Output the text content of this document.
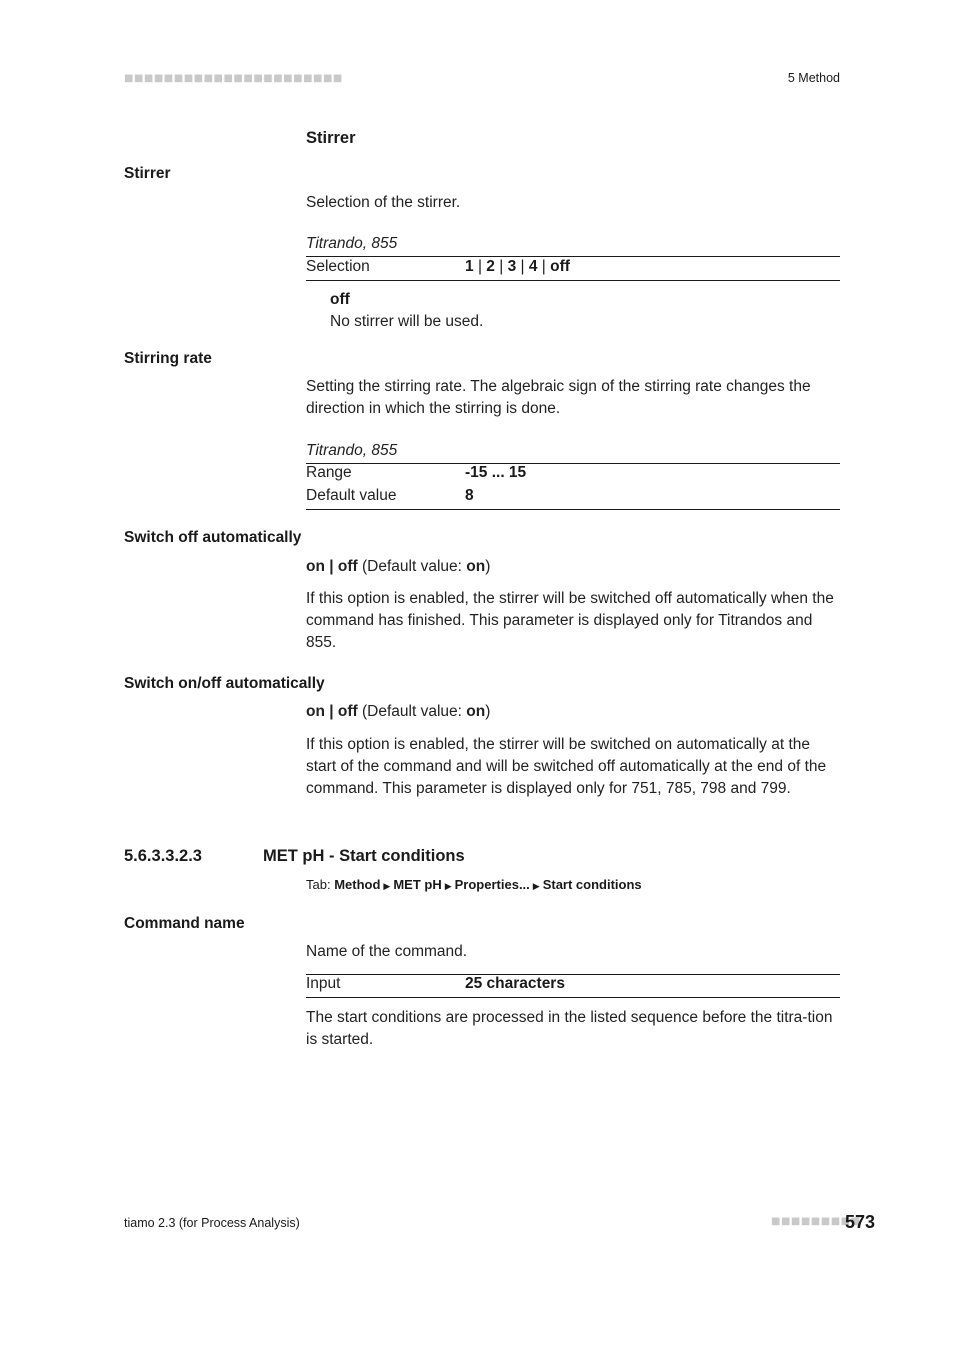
■■■■■■■■■■■■■■■■■■■■■■	5 Method
Stirrer
Stirrer
Selection of the stirrer.
Titrando, 855
Selection	1 | 2 | 3 | 4 | off
off
No stirrer will be used.
Stirring rate
Setting the stirring rate. The algebraic sign of the stirring rate changes the direction in which the stirring is done.
Titrando, 855
Range	-15 ... 15
Default value	8
Switch off automatically
on | off (Default value: on)
If this option is enabled, the stirrer will be switched off automatically when the command has finished. This parameter is displayed only for Titrandos and 855.
Switch on/off automatically
on | off (Default value: on)
If this option is enabled, the stirrer will be switched on automatically at the start of the command and will be switched off automatically at the end of the command. This parameter is displayed only for 751, 785, 798 and 799.
5.6.3.3.2.3	MET pH - Start conditions
Tab: Method ▶ MET pH ▶ Properties... ▶ Start conditions
Command name
Name of the command.
Input	25 characters
The start conditions are processed in the listed sequence before the titra-tion is started.
tiamo 2.3 (for Process Analysis)	■■■■■■■■■
573
